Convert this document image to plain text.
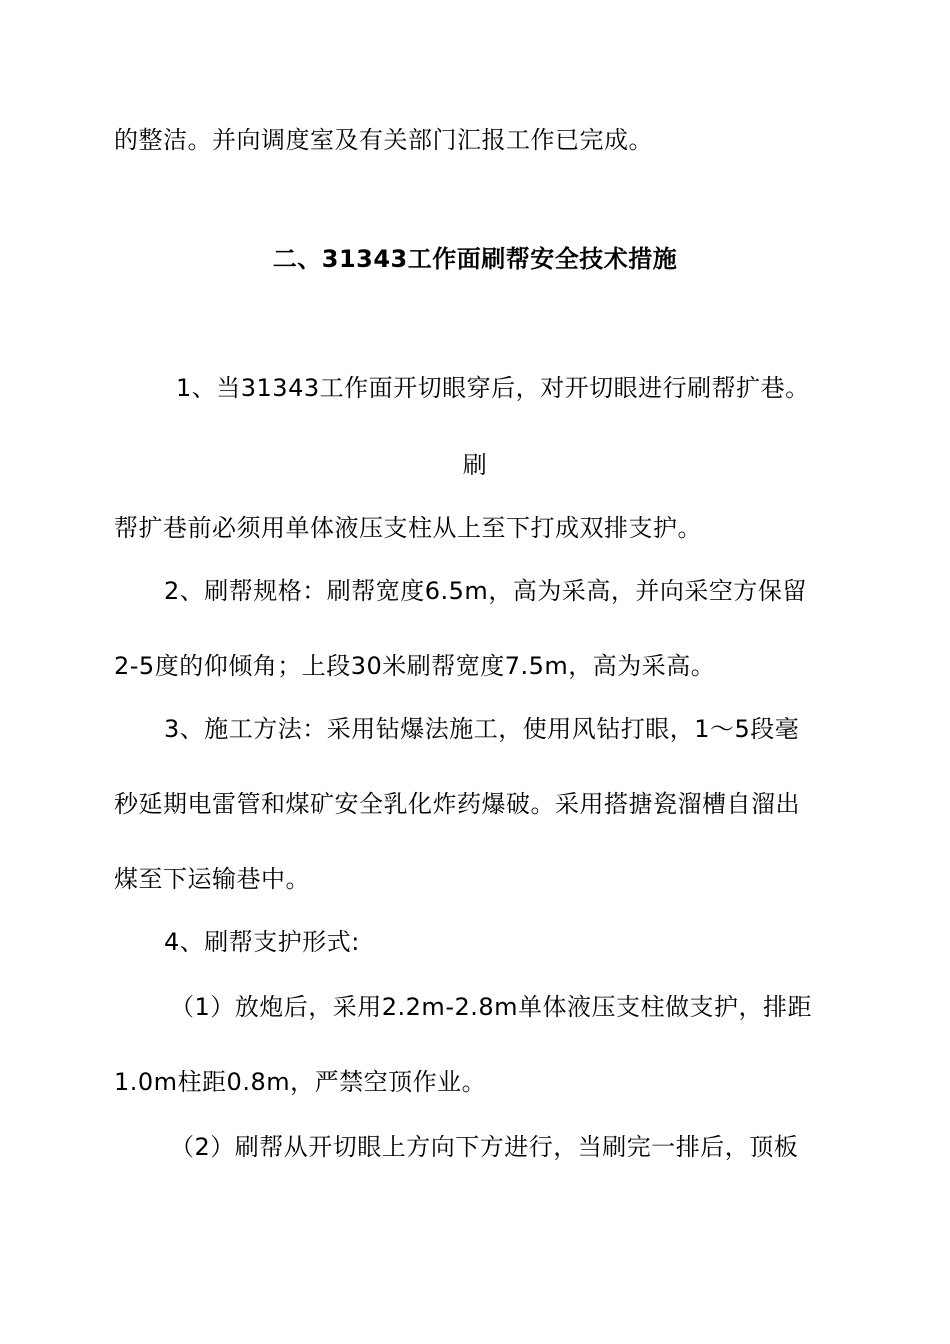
的整洁。并向调度室及有关部门汇报工作已完成。
二、31343工作面刷帮安全技术措施
1、当31343工作面开切眼穿后，对开切眼进行刷帮扩巷。
刷
帮扩巷前必须用单体液压支柱从上至下打成双排支护。
2、刷帮规格：刷帮宽度6.5m，高为采高，并向采空方保留
2-5度的仰倾角；上段30米刷帮宽度7.5m，高为采高。
3、施工方法：采用钻爆法施工，使用风钻打眼，1～5段毫
秒延期电雷管和煤矿安全乳化炸药爆破。采用搭搪瓷溜槽自溜出
煤至下运输巷中。
4、刷帮支护形式:
（1）放炮后，采用2.2m-2.8m单体液压支柱做支护，排距
1.0m柱距0.8m，严禁空顶作业。
（2）刷帮从开切眼上方向下方进行，当刷完一排后，顶板
